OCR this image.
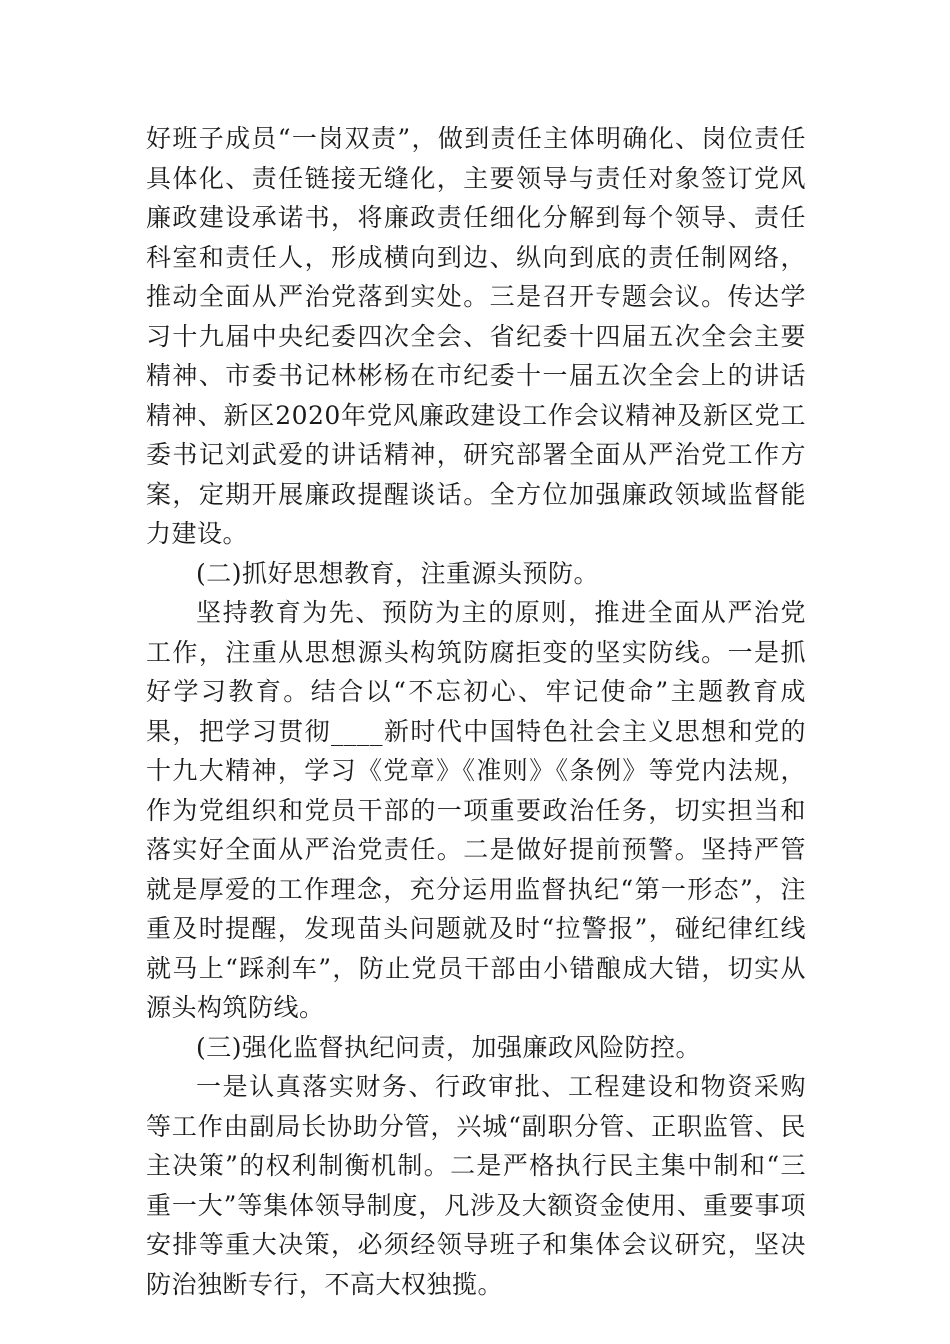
好班子成员“一岗双责”，做到责任主体明确化、岗位责任具体化、责任链接无缝化，主要领导与责任对象签订党风廉政建设承诺书，将廉政责任细化分解到每个领导、责任科室和责任人，形成横向到边、纵向到底的责任制网络，推动全面从严治党落到实处。三是召开专题会议。传达学习十九届中央纪委四次全会、省纪委十四届五次全会主要精神、市委书记林彬杨在市纪委十一届五次全会上的讲话精神、新区2020年党风廉政建设工作会议精神及新区党工委书记刘武爱的讲话精神，研究部署全面从严治党工作方案，定期开展廉政提醒谈话。全方位加强廉政领域监督能力建设。

(二)抓好思想教育，注重源头预防。

坚持教育为先、预防为主的原则，推进全面从严治党工作，注重从思想源头构筑防腐拒变的坚实防线。一是抓好学习教育。结合以“不忘初心、牢记使命”主题教育成果，把学习贯彻____新时代中国特色社会主义思想和党的十九大精神，学习《党章》《准则》《条例》等党内法规，作为党组织和党员干部的一项重要政治任务，切实担当和落实好全面从严治党责任。二是做好提前预警。坚持严管就是厚爱的工作理念，充分运用监督执纪“第一形态”，注重及时提醒，发现苗头问题就及时“拉警报”，碰纪律红线就马上“踩刹车”，防止党员干部由小错酿成大错，切实从源头构筑防线。

(三)强化监督执纪问责，加强廉政风险防控。

一是认真落实财务、行政审批、工程建设和物资采购等工作由副局长协助分管，兴城“副职分管、正职监管、民主决策”的权利制衡机制。二是严格执行民主集中制和“三重一大”等集体领导制度，凡涉及大额资金使用、重要事项安排等重大决策，必须经领导班子和集体会议研究，坚决防治独断专行，不高大权独揽。
